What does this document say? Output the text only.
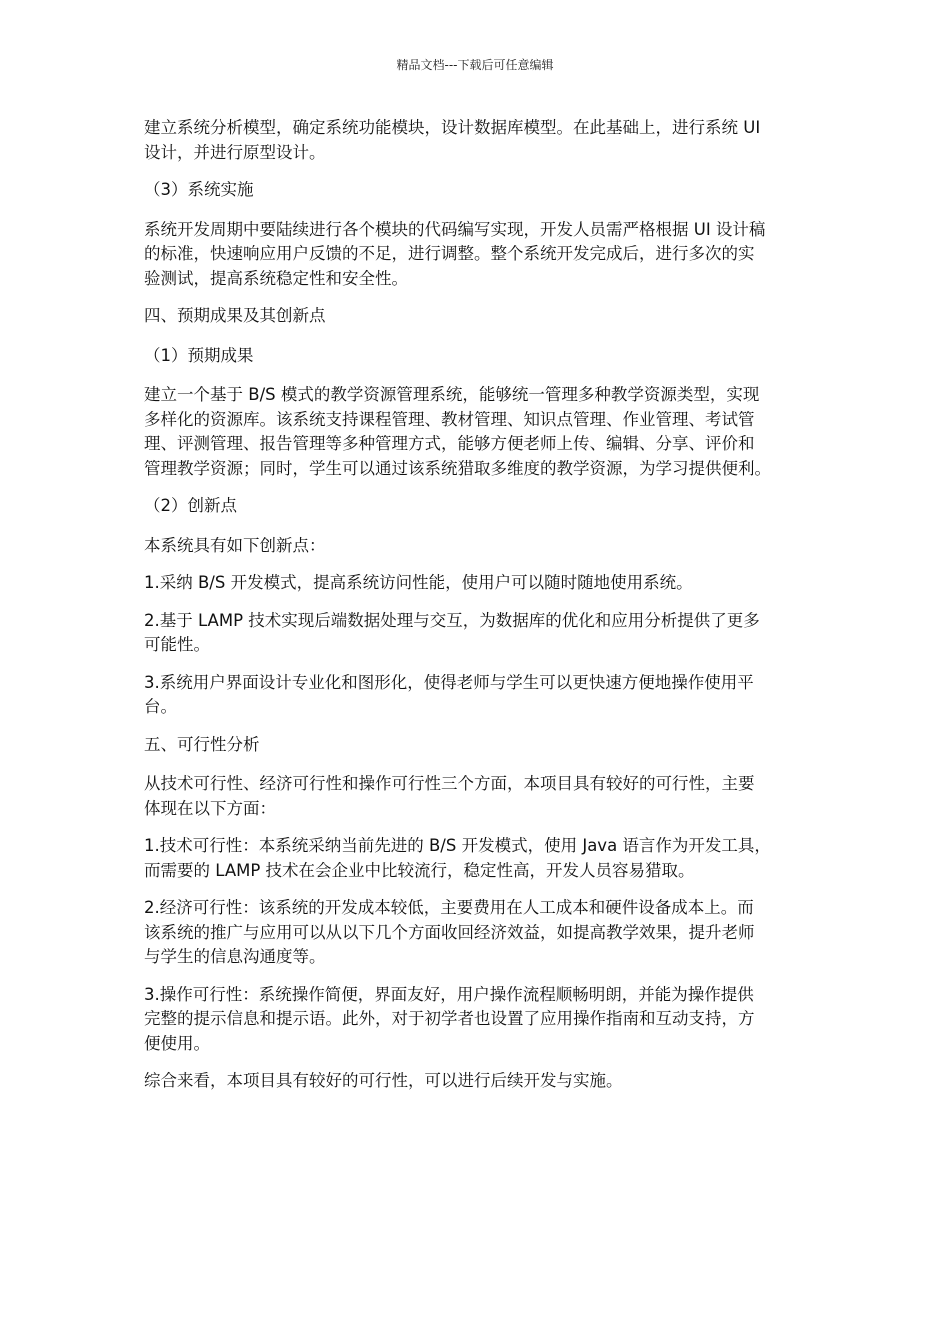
精品文档---下载后可任意编辑

建立系统分析模型，确定系统功能模块，设计数据库模型。在此基础上，进行系统 UI
设计，并进行原型设计。

（3）系统实施

系统开发周期中要陆续进行各个模块的代码编写实现，开发人员需严格根据 UI 设计稿
的标准，快速响应用户反馈的不足，进行调整。整个系统开发完成后，进行多次的实
验测试，提高系统稳定性和安全性。

四、预期成果及其创新点

（1）预期成果

建立一个基于 B/S 模式的教学资源管理系统，能够统一管理多种教学资源类型，实现
多样化的资源库。该系统支持课程管理、教材管理、知识点管理、作业管理、考试管
理、评测管理、报告管理等多种管理方式，能够方便老师上传、编辑、分享、评价和
管理教学资源；同时，学生可以通过该系统猎取多维度的教学资源，为学习提供便利。

（2）创新点

本系统具有如下创新点：

1.采纳 B/S 开发模式，提高系统访问性能，使用户可以随时随地使用系统。

2.基于 LAMP 技术实现后端数据处理与交互，为数据库的优化和应用分析提供了更多
可能性。

3.系统用户界面设计专业化和图形化，使得老师与学生可以更快速方便地操作使用平
台。

五、可行性分析

从技术可行性、经济可行性和操作可行性三个方面，本项目具有较好的可行性，主要
体现在以下方面：

1.技术可行性：本系统采纳当前先进的 B/S 开发模式，使用 Java 语言作为开发工具，
而需要的 LAMP 技术在会企业中比较流行，稳定性高，开发人员容易猎取。

2.经济可行性：该系统的开发成本较低，主要费用在人工成本和硬件设备成本上。而
该系统的推广与应用可以从以下几个方面收回经济效益，如提高教学效果，提升老师
与学生的信息沟通度等。

3.操作可行性：系统操作简便，界面友好，用户操作流程顺畅明朗，并能为操作提供
完整的提示信息和提示语。此外，对于初学者也设置了应用操作指南和互动支持，方
便使用。

综合来看，本项目具有较好的可行性，可以进行后续开发与实施。
